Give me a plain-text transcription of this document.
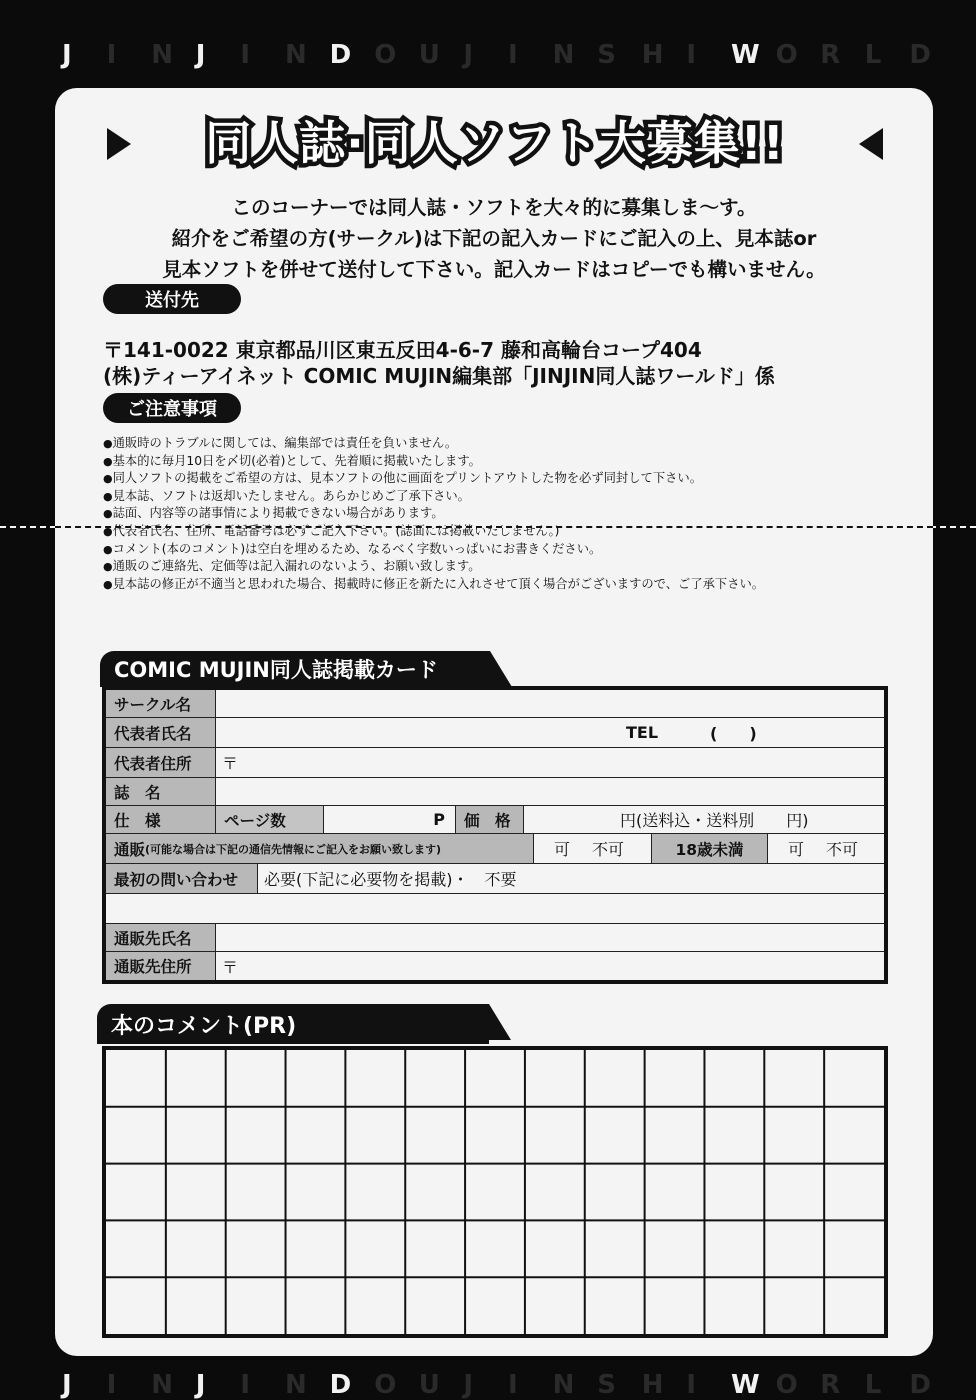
J I N J I N D O U J I N S H I W O R L D
同人誌·同人ソフト大募集!!
このコーナーでは同人誌・ソフトを大々的に募集しま〜す。
紹介をご希望の方(サークル)は下記の記入カードにご記入の上、見本誌or
見本ソフトを併せて送付して下さい。記入カードはコピーでも構いません。
送付先
〒141-0022 東京都品川区東五反田4-6-7 藤和高輪台コープ404
(株)ティーアイネット COMIC MUJIN編集部「JINJIN同人誌ワールド」係
ご注意事項
● 通販時のトラブルに関しては、編集部では責任を負いません。
● 基本的に毎月10日を〆切(必着)として、先着順に掲載いたします。
● 同人ソフトの掲載をご希望の方は、見本ソフトの他に画面をプリントアウトした物を必ず同封して下さい。
● 見本誌、ソフトは返却いたしません。あらかじめご了承下さい。
● 誌面、内容等の諸事情により掲載できない場合があります。
● 代表者氏名、住所、電話番号は必ずご記入下さい。(誌面には掲載いたしません。)
● コメント(本のコメント)は空白を埋めるため、なるべく字数いっぱいにお書きください。
● 通販のご連絡先、定価等は記入漏れのないよう、お願い致します。
● 見本誌の修正が不適当と思われた場合、掲載時に修正を新たに入れさせて頂く場合がございますので、ご了承下さい。
COMIC MUJIN同人誌掲載カード
サークル名
代表者氏名	TEL	(　　)
代表者住所	〒
誌　名
仕　様	ページ数	P	価　格	円(送料込・送料別　　円)
通販 (可能な場合は下記の通信先情報にご記入をお願い致します)	可 不可	18歳未満	可 不可
最初の問い合わせ	必要(下記に必要物を掲載)・　不要
通販先氏名
通販先住所	〒
本のコメント(PR)
J I N J I N D O U J I N S H I W O R L D
